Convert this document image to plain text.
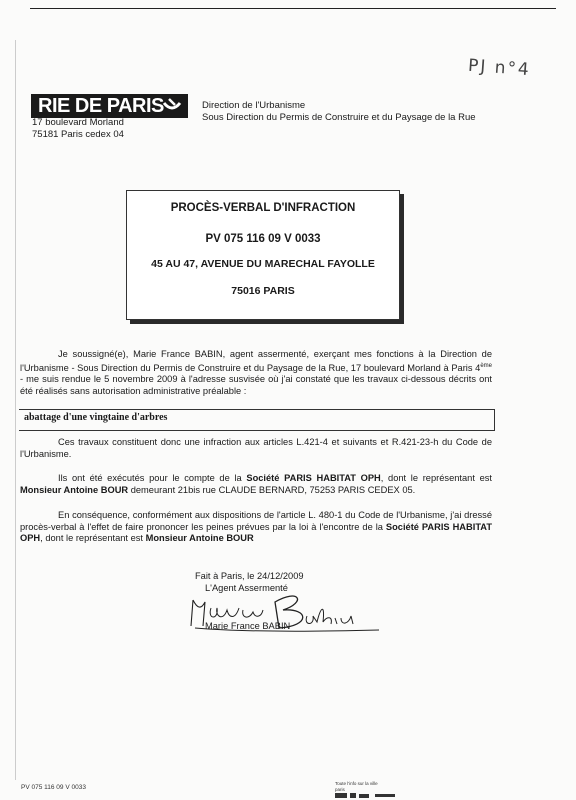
PJ n°4
RIE DE PARIS
17 boulevard Morland
75181 Paris cedex 04
Direction de l'Urbanisme
Sous Direction du Permis de Construire et du Paysage de la Rue
PROCÈS-VERBAL D'INFRACTION
PV 075 116 09 V 0033
45 AU 47, AVENUE DU MARECHAL FAYOLLE
75016 PARIS

Je soussigné(e), Marie France BABIN, agent assermenté, exerçant mes fonctions à la Direction de l'Urbanisme - Sous Direction du Permis de Construire et du Paysage de la Rue, 17 boulevard Morland à Paris 4ème - me suis rendue le 5 novembre 2009 à l'adresse susvisée où j'ai constaté que les travaux ci-dessous décrits ont été réalisés sans autorisation administrative préalable :

abattage d'une vingtaine d'arbres

Ces travaux constituent donc une infraction aux articles L.421-4 et suivants et R.421-23-h du Code de l'Urbanisme.

Ils ont été exécutés pour le compte de la Société PARIS HABITAT OPH, dont le représentant est Monsieur Antoine BOUR demeurant 21bis rue CLAUDE BERNARD, 75253 PARIS CEDEX 05.

En conséquence, conformément aux dispositions de l'article L. 480-1 du Code de l'Urbanisme, j'ai dressé procès-verbal à l'effet de faire prononcer les peines prévues par la loi à l'encontre de la Société PARIS HABITAT OPH, dont le représentant est Monsieur Antoine BOUR

Fait à Paris, le 24/12/2009
L'Agent Assermenté
Marie France BABIN
PV 075 116 09 V 0033
Toute l'info sur la ville
paris
